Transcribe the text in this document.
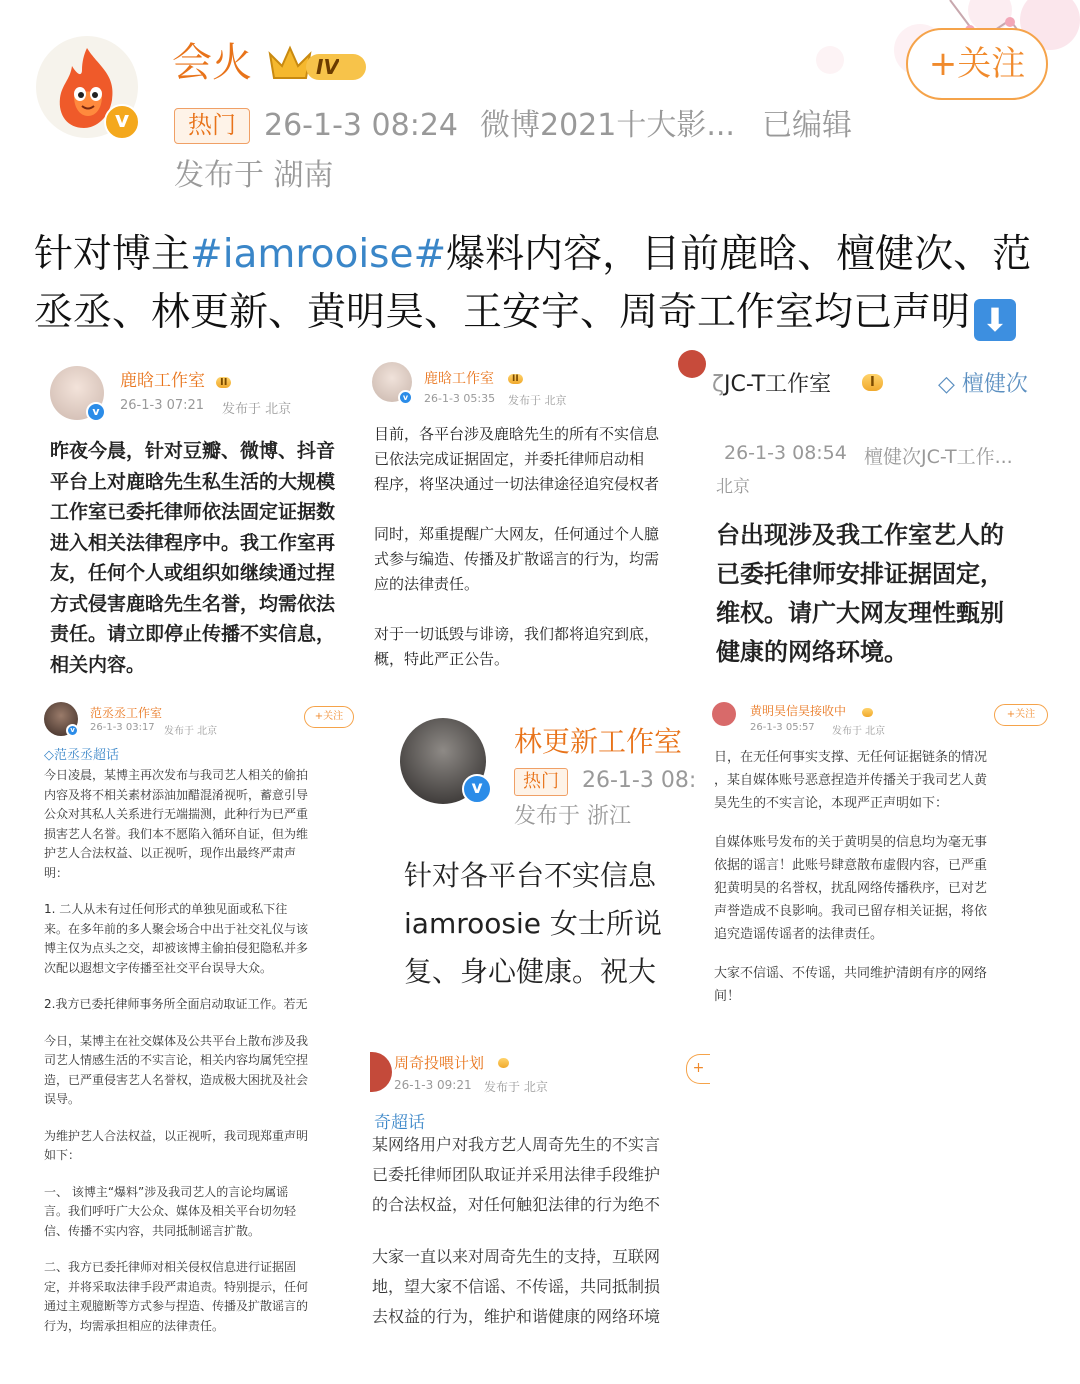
v
会火	IV	+关注
热门 26-1-3 08:24 微博2021十大影... 已编辑
发布于 湖南
针对博主#iamrooise#爆料内容，目前鹿晗、檀健次、范丞丞、林更新、黄明昊、王安宇、周奇工作室均已声明 ⬇
v
鹿晗工作室	II
26-1-3 07:21 发布于 北京
昨夜今晨，针对豆瓣、微博、抖音
平台上对鹿晗先生私生活的大规模
工作室已委托律师依法固定证据数
进入相关法律程序中。我工作室再
友，任何个人或组织如继续通过捏
方式侵害鹿晗先生名誉，均需依法
责任。请立即停止传播不实信息，
相关内容。
v
鹿晗工作室	II
26-1-3 05:35 发布于 北京
目前，各平台涉及鹿晗先生的所有不实信息
已依法完成证据固定，并委托律师启动相
程序，将坚决通过一切法律途径追究侵权者
同时，郑重提醒广大网友，任何通过个人臆
式参与编造、传播及扩散谣言的行为，均需
应的法律责任。
对于一切诋毁与诽谤，我们都将追究到底，
概，特此严正公告。
ζJC-T工作室	I	◇ 檀健次
26-1-3 08:54 檀健次JC-T工作...
北京
台出现涉及我工作室艺人的
已委托律师安排证据固定，
维权。请广大网友理性甄别
健康的网络环境。
v
范丞丞工作室	+关注
26-1-3 03:17 发布于 北京
◇范丞丞超话
今日凌晨，某博主再次发布与我司艺人相关的偷拍
内容及将不相关素材添油加醋混淆视听，蓄意引导
公众对其私人关系进行无端揣测，此种行为已严重
损害艺人名誉。我们本不愿陷入循环自证，但为维
护艺人合法权益、以正视听，现作出最终严肃声
明：
1. 二人从未有过任何形式的单独见面或私下往
来。在多年前的多人聚会场合中出于社交礼仪与该
博主仅为点头之交，却被该博主偷拍侵犯隐私并多
次配以遐想文字传播至社交平台误导大众。
2.我方已委托律师事务所全面启动取证工作。若无
今日，某博主在社交媒体及公共平台上散布涉及我
司艺人情感生活的不实言论，相关内容均属凭空捏
造，已严重侵害艺人名誉权，造成极大困扰及社会
误导。
为维护艺人合法权益，以正视听，我司现郑重声明
如下：
一、 该博主“爆料”涉及我司艺人的言论均属谣
言。我们呼吁广大公众、媒体及相关平台切勿轻
信、传播不实内容，共同抵制谣言扩散。
二、我方已委托律师对相关侵权信息进行证据固
定，并将采取法律手段严肃追责。特别提示，任何
通过主观臆断等方式参与捏造、传播及扩散谣言的
行为，均需承担相应的法律责任。
v
林更新工作室
热门	26-1-3 08:
发布于 浙江
针对各平台不实信息
iamroosie 女士所说
复、身心健康。祝大
黄明昊信昊接收中
	+关注
26-1-3 05:57 发布于 北京
日，在无任何事实支撑、无任何证据链条的情况
，某自媒体账号恶意捏造并传播关于我司艺人黄
昊先生的不实言论，本现严正声明如下：
自媒体账号发布的关于黄明昊的信息均为毫无事
依据的谣言！此账号肆意散布虚假内容，已严重
犯黄明昊的名誉权，扰乱网络传播秩序，已对艺
声誉造成不良影响。我司已留存相关证据，将依
追究造谣传谣者的法律责任。
大家不信谣、不传谣，共同维护清朗有序的网络
间！
周奇投喂计划
	+
26-1-3 09:21 发布于 北京
奇超话
某网络用户对我方艺人周奇先生的不实言
已委托律师团队取证并采用法律手段维护
的合法权益，对任何触犯法律的行为绝不
大家一直以来对周奇先生的支持，互联网
地，望大家不信谣、不传谣，共同抵制损
去权益的行为，维护和谐健康的网络环境
